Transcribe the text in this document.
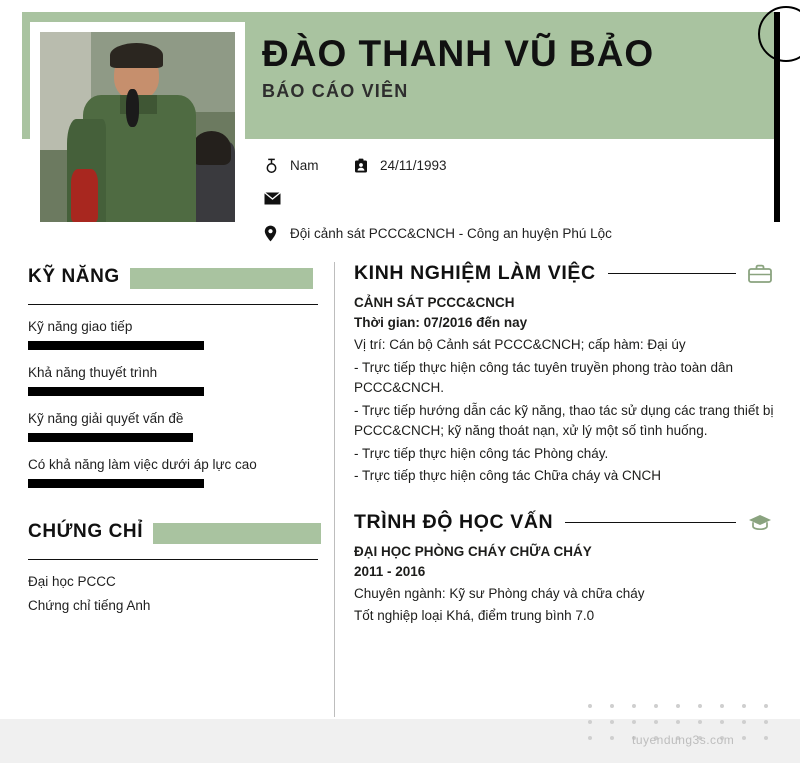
ĐÀO THANH VŨ BẢO
BÁO CÁO VIÊN
Nam	24/11/1993
Đội cảnh sát PCCC&CNCH - Công an huyện Phú Lộc
KỸ NĂNG
Kỹ năng giao tiếp
Khả năng thuyết trình
Kỹ năng giải quyết vấn đề
Có khả năng làm việc dưới áp lực cao
CHỨNG CHỈ
Đại học PCCC
Chứng chỉ tiếng Anh
KINH NGHIỆM LÀM VIỆC
CẢNH SÁT PCCC&CNCH
Thời gian: 07/2016 đến nay

Vị trí: Cán bộ Cảnh sát PCCC&CNCH; cấp hàm: Đại úy

- Trực tiếp thực hiện công tác tuyên truyền phong trào toàn dân PCCC&CNCH.

- Trực tiếp hướng dẫn các kỹ năng, thao tác sử dụng các trang thiết bị PCCC&CNCH; kỹ năng thoát nạn, xử lý một số tình huống.

- Trực tiếp thực hiện công tác Phòng cháy.

- Trực tiếp thực hiện công tác Chữa cháy và CNCH

TRÌNH ĐỘ HỌC VẤN
ĐẠI HỌC PHÒNG CHÁY CHỮA CHÁY
2011 - 2016

Chuyên ngành: Kỹ sư Phòng cháy và chữa cháy

Tốt nghiệp loại Khá, điểm trung bình 7.0

tuyendung3s.com
